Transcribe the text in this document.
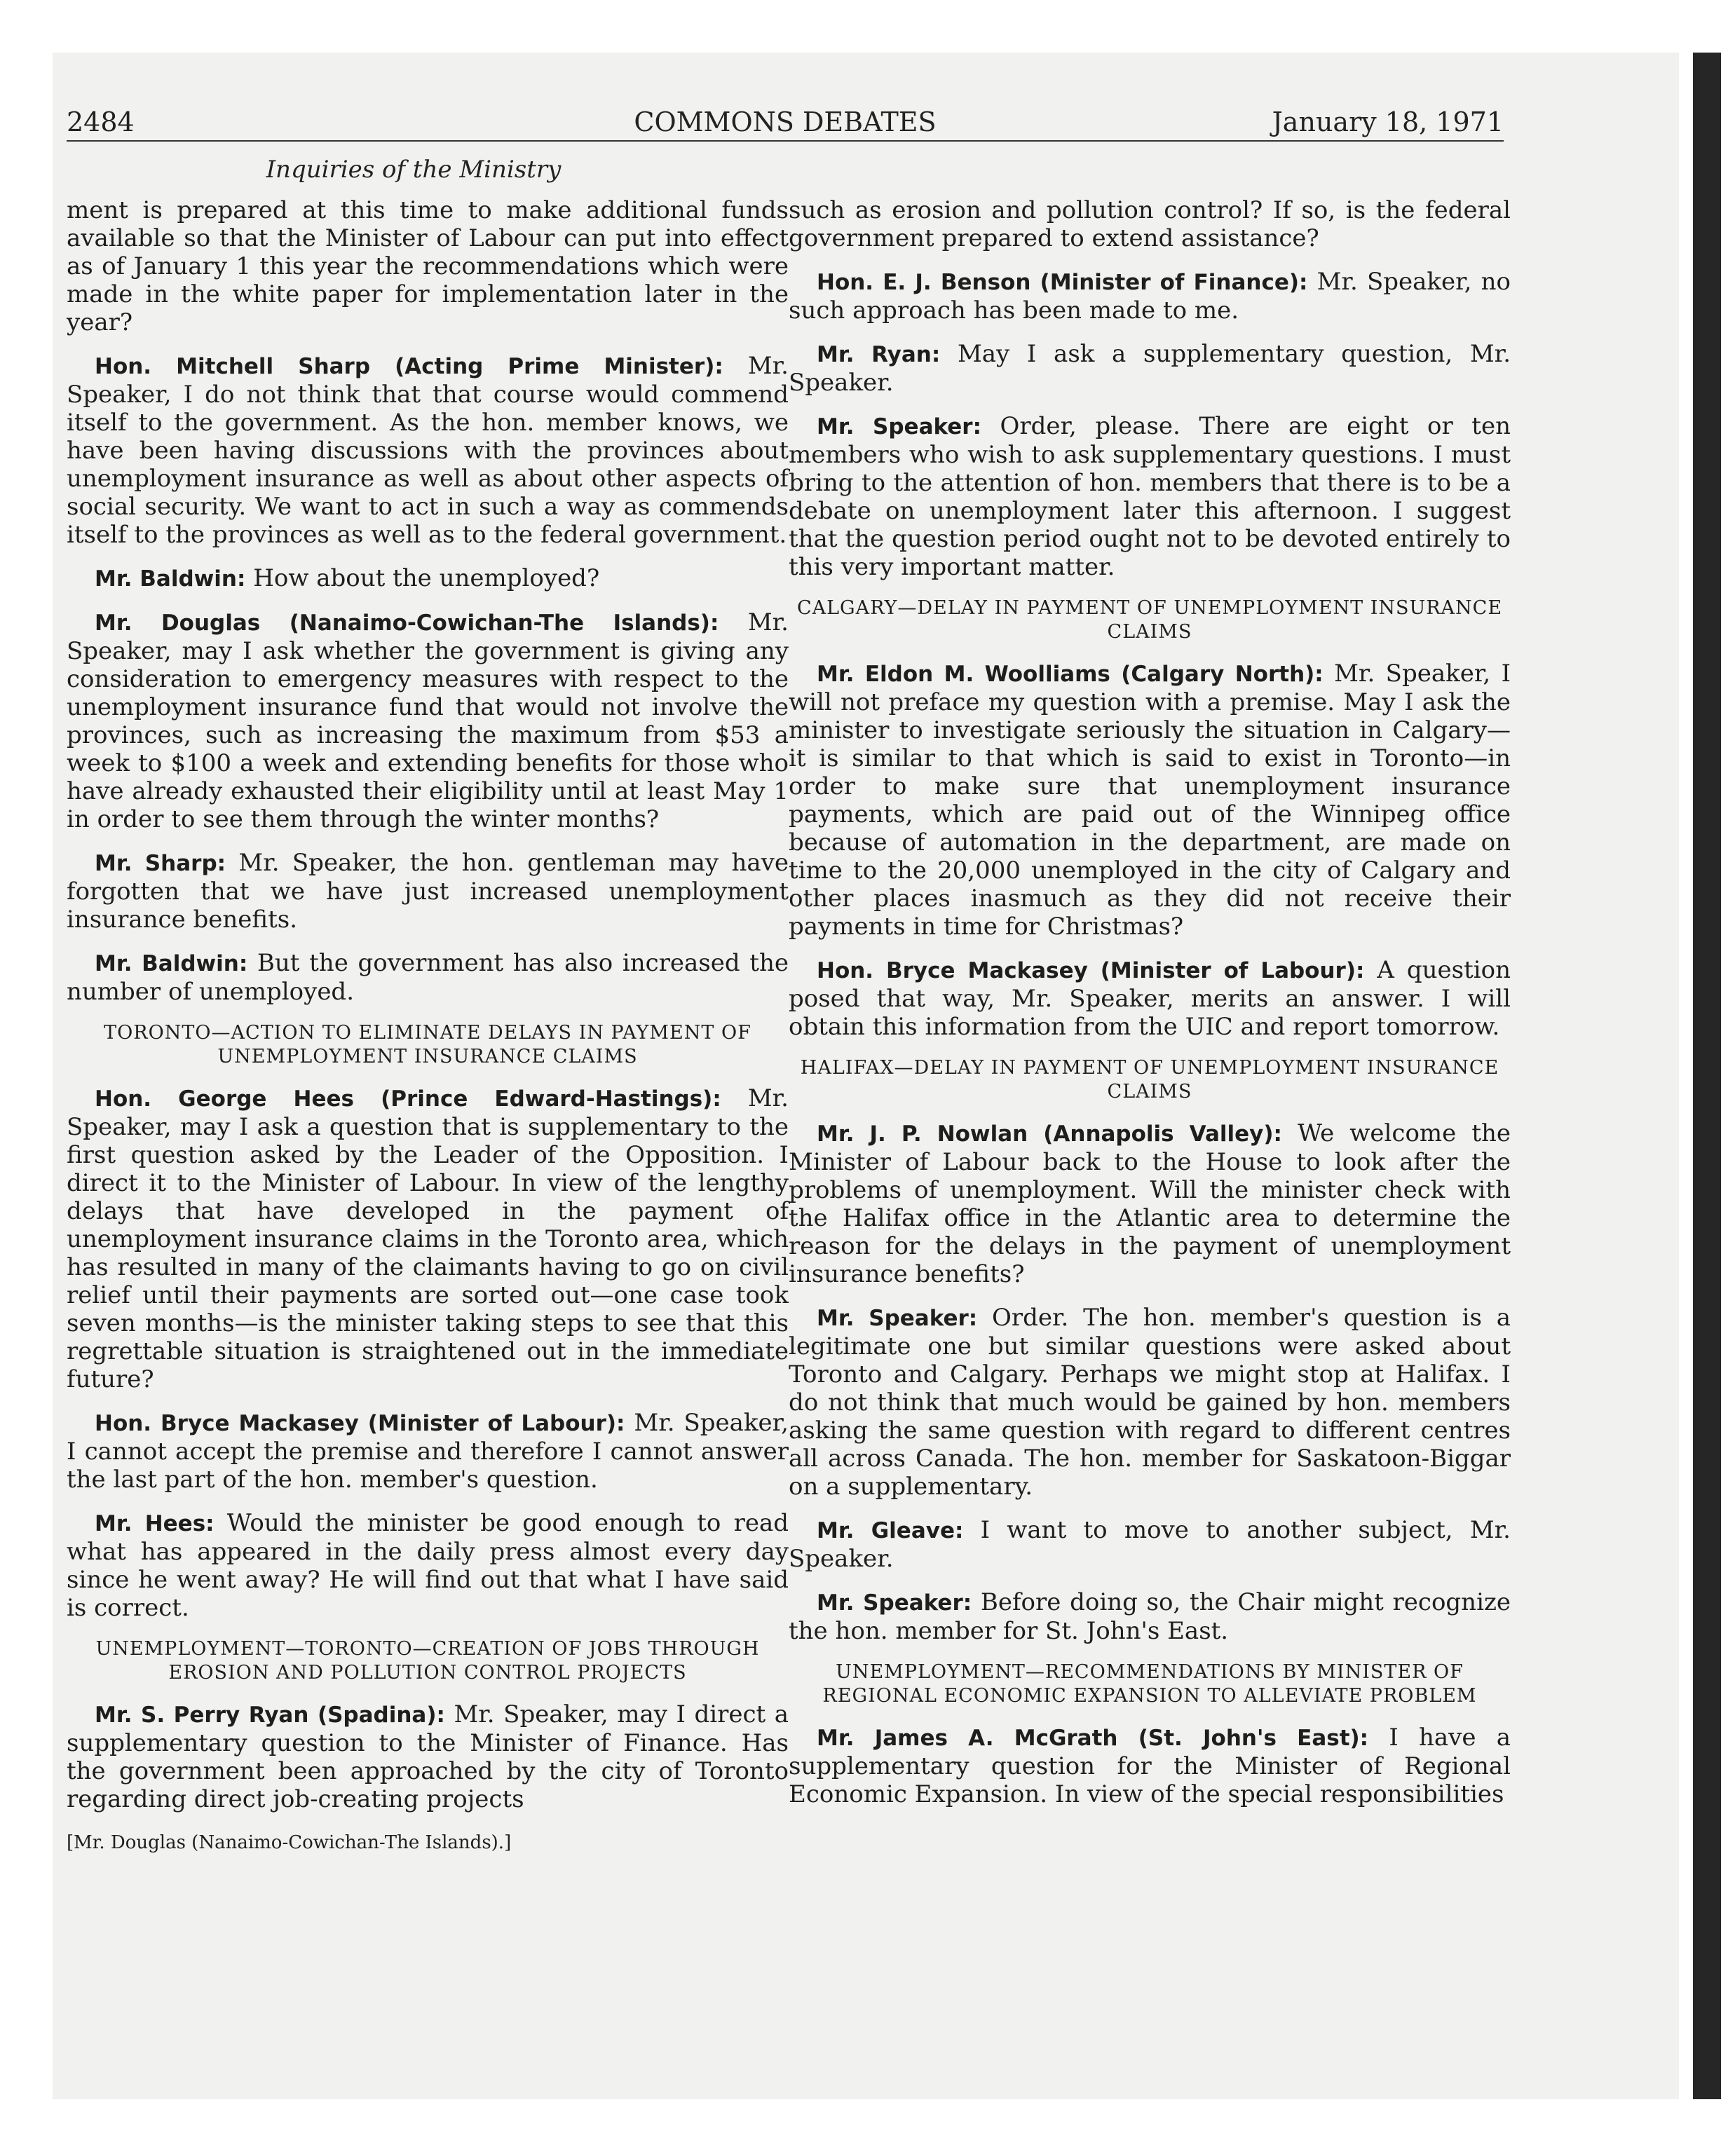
2484	COMMONS DEBATES	January 18, 1971
Inquiries of the Ministry

ment is prepared at this time to make additional funds available so that the Minister of Labour can put into effect as of January 1 this year the recommendations which were made in the white paper for implementation later in the year?

Hon. Mitchell Sharp (Acting Prime Minister): Mr. Speaker, I do not think that that course would commend itself to the government. As the hon. member knows, we have been having discussions with the provinces about unemployment insurance as well as about other aspects of social security. We want to act in such a way as commends itself to the provinces as well as to the federal government.

Mr. Baldwin: How about the unemployed?

Mr. Douglas (Nanaimo-Cowichan-The Islands): Mr. Speaker, may I ask whether the government is giving any consideration to emergency measures with respect to the unemployment insurance fund that would not involve the provinces, such as increasing the maximum from $53 a week to $100 a week and extending benefits for those who have already exhausted their eligibility until at least May 1 in order to see them through the winter months?

Mr. Sharp: Mr. Speaker, the hon. gentleman may have forgotten that we have just increased unemployment insurance benefits.

Mr. Baldwin: But the government has also increased the number of unemployed.

TORONTO—ACTION TO ELIMINATE DELAYS IN PAYMENT OF UNEMPLOYMENT INSURANCE CLAIMS

Hon. George Hees (Prince Edward-Hastings): Mr. Speaker, may I ask a question that is supplementary to the first question asked by the Leader of the Opposition. I direct it to the Minister of Labour. In view of the lengthy delays that have developed in the payment of unemployment insurance claims in the Toronto area, which has resulted in many of the claimants having to go on civil relief until their payments are sorted out—one case took seven months—is the minister taking steps to see that this regrettable situation is straightened out in the immediate future?

Hon. Bryce Mackasey (Minister of Labour): Mr. Speaker, I cannot accept the premise and therefore I cannot answer the last part of the hon. member's question.

Mr. Hees: Would the minister be good enough to read what has appeared in the daily press almost every day since he went away? He will find out that what I have said is correct.

UNEMPLOYMENT—TORONTO—CREATION OF JOBS THROUGH EROSION AND POLLUTION CONTROL PROJECTS

Mr. S. Perry Ryan (Spadina): Mr. Speaker, may I direct a supplementary question to the Minister of Finance. Has the government been approached by the city of Toronto regarding direct job-creating projects

[Mr. Douglas (Nanaimo-Cowichan-The Islands).]

such as erosion and pollution control? If so, is the federal government prepared to extend assistance?

Hon. E. J. Benson (Minister of Finance): Mr. Speaker, no such approach has been made to me.

Mr. Ryan: May I ask a supplementary question, Mr. Speaker.

Mr. Speaker: Order, please. There are eight or ten members who wish to ask supplementary questions. I must bring to the attention of hon. members that there is to be a debate on unemployment later this afternoon. I suggest that the question period ought not to be devoted entirely to this very important matter.

CALGARY—DELAY IN PAYMENT OF UNEMPLOYMENT INSURANCE CLAIMS

Mr. Eldon M. Woolliams (Calgary North): Mr. Speaker, I will not preface my question with a premise. May I ask the minister to investigate seriously the situation in Calgary—it is similar to that which is said to exist in Toronto—in order to make sure that unemployment insurance payments, which are paid out of the Winnipeg office because of automation in the department, are made on time to the 20,000 unemployed in the city of Calgary and other places inasmuch as they did not receive their payments in time for Christmas?

Hon. Bryce Mackasey (Minister of Labour): A question posed that way, Mr. Speaker, merits an answer. I will obtain this information from the UIC and report tomorrow.

HALIFAX—DELAY IN PAYMENT OF UNEMPLOYMENT INSURANCE CLAIMS

Mr. J. P. Nowlan (Annapolis Valley): We welcome the Minister of Labour back to the House to look after the problems of unemployment. Will the minister check with the Halifax office in the Atlantic area to determine the reason for the delays in the payment of unemployment insurance benefits?

Mr. Speaker: Order. The hon. member's question is a legitimate one but similar questions were asked about Toronto and Calgary. Perhaps we might stop at Halifax. I do not think that much would be gained by hon. members asking the same question with regard to different centres all across Canada. The hon. member for Saskatoon-Biggar on a supplementary.

Mr. Gleave: I want to move to another subject, Mr. Speaker.

Mr. Speaker: Before doing so, the Chair might recognize the hon. member for St. John's East.

UNEMPLOYMENT—RECOMMENDATIONS BY MINISTER OF REGIONAL ECONOMIC EXPANSION TO ALLEVIATE PROBLEM

Mr. James A. McGrath (St. John's East): I have a supplementary question for the Minister of Regional Economic Expansion. In view of the special responsibilities
